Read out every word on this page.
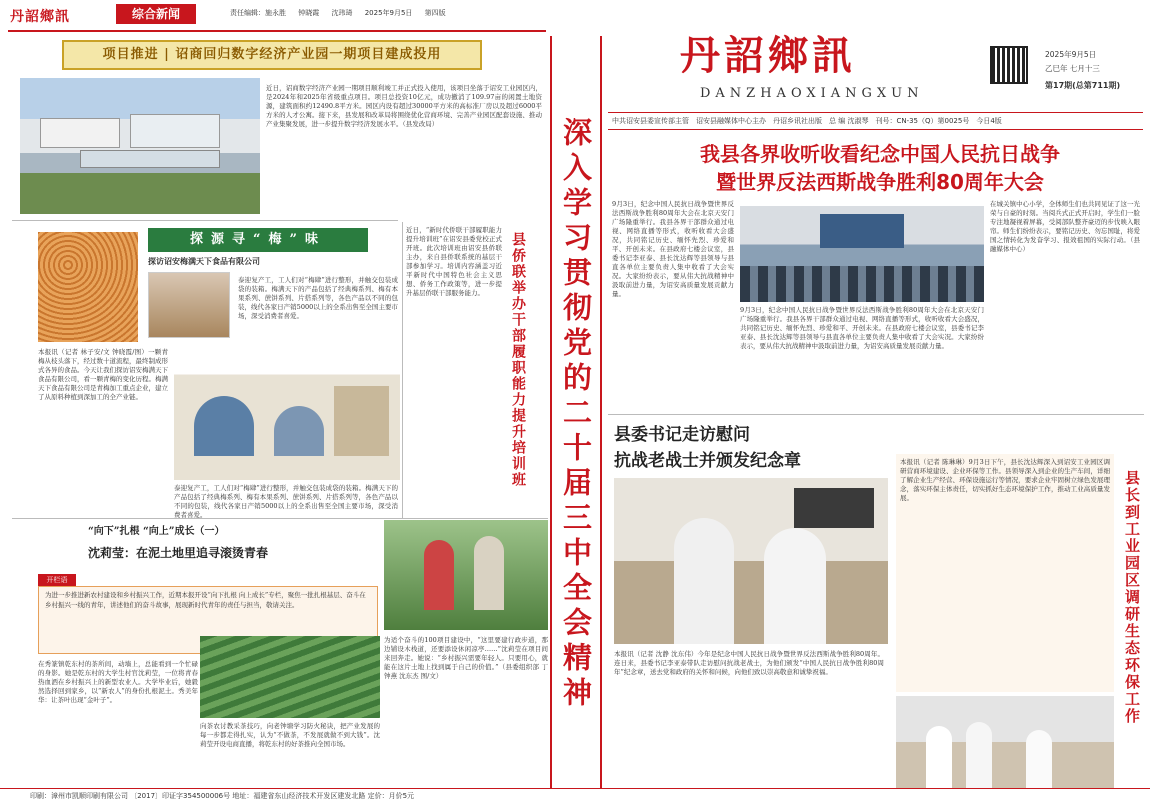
丹詔鄉訊	综合新闻	责任编辑：施永胜 钟晓霞 沈玮琦 2025年9月5日 第四版
项目推进 | 诏商回归数字经济产业园一期项目建成投用
近日，诏商数字经济产业园一期项目顺利竣工并正式投入使用，该项目坐落于诏安工业园区内，是2024年和2025年省级重点项目。项目总投资10亿元，成功撤消了109.97亩的闲置土地资源，建筑面积约12490.8平方米。园区内设有超过30000平方米的高标准厂房以及超过6000平方米的人才公寓。接下来，县发展和改革局将围绕优化营商环境、完善产业园区配套设施、推动产业集聚发展，进一步提升数字经济发展水平。（县发改局）
探源寻“梅”味
探访诏安梅满天下食品有限公司
泰迎复产工，工人们对“梅肆”进行整形，并触交包装成袋的装箱。梅满天下的产品包括了经典梅系列、梅有本果系列、蔗饼系列、片搭系列等，各色产品以不同的包装，线代各家日产销5000以上的全系出售至全国主要市场，深受消费者喜爱。
本报讯（记者 林子安/文 钟晓霞/图）一颗青梅从枝头落下，经过数十道流程，最终制成形式各异的食品。今天让我们探访诏安梅满天下食品有限公司，看一颗青梅的变化历程。梅满天下食品有限公司是青梅加工重点企业，建立了从原料种植到深加工的全产业链。
泰迎复产工，工人们对“梅肆”进行整形，并触交包装成袋的装箱。梅满天下的产品包括了经典梅系列、梅有本果系列、蔗饼系列、片搭系列等，各色产品以不同的包装，线代各家日产销5000以上的全系出售至全国主要市场，深受消费者喜爱。
近日，“新时代侨联干部履职能力提升培训班”在诏安县委党校正式开班。此次培训班由诏安县侨联主办，来自县侨联系统的基层干部参加学习。培训内容涵盖习近平新时代中国特色社会主义思想、侨务工作政策等，进一步提升基层侨联干部服务能力。	县侨联举办干部履职能力提升培训班
“向下”扎根 “向上”成长（一）
沈莉莹：在泥土地里追寻滚烫青春
开栏语
为进一步推进新农村建设和乡村振兴工作，近期本报开设“向下扎根 向上成长”专栏，聚焦一批扎根基层、奋斗在乡村振兴一线的青年，讲述他们的奋斗故事，展现新时代青年的责任与担当，敬请关注。
在秀篆镇乾东村的茶所间，动墙上，总能看到一个忙碌的身影。她是乾东村的大学生村官沈莉莹，一位将青春热血洒在乡村振兴上的新型农业人。大学毕业后，她毅然选择回到家乡，以“新农人”的身份扎根泥土。秀美年华：让茶叶出现“金叶子”。
向茶农讨教采茶技巧，向老钟塘学习防火秘诀，把产业发展的每一步都走得扎实，认为“不做茶，不发展就做不到大钱”。沈莉莹开设电商直播，将乾东村的好茶推向全国市场。
为适个奋斗的100项目建设中，“这里要建行政步道，那边铺设木栈道，还要添设休闲凉亭……”沈莉莹在项目间来回奔走。她说：“乡村振兴需要年轻人。只要用心，就能在这片土地上找到属于自己的价值。”（县委组织部 丁钟燕 沈东杰 图/文）	深入学习贯彻党的二十届三中全会精神
丹詔鄉訊
DANZHAOXIANGXUN
2025年9月5日
乙巳年 七月十三
第17期(总第711期)
中共诏安县委宣传部主管　诏安县融媒体中心主办　丹诏乡讯社出版　总 编 沈淑琴　刊号：CN-35（Q）第0025号　今日4版
我县各界收听收看纪念中国人民抗日战争
暨世界反法西斯战争胜利80周年大会
9月3日，纪念中国人民抗日战争暨世界反法西斯战争胜利80周年大会在北京天安门广场隆重举行。我县各界干部群众通过电视、网络直播等形式，收听收看大会盛况，共同铭记历史、缅怀先烈、珍爱和平、开创未来。在县政府七楼会议室，县委书记李亚泰、县长沈达辉等县领导与县直各单位主要负责人集中收看了大会实况。大家纷纷表示，要从伟大抗战精神中汲取前进力量，为诏安高质量发展贡献力量。
9月3日，纪念中国人民抗日战争暨世界反法西斯战争胜利80周年大会在北京天安门广场隆重举行。我县各界干部群众通过电视、网络直播等形式，收听收看大会盛况，共同铭记历史、缅怀先烈、珍爱和平、开创未来。在县政府七楼会议室，县委书记李亚泰、县长沈达辉等县领导与县直各单位主要负责人集中收看了大会实况。大家纷纷表示，要从伟大抗战精神中汲取前进力量，为诏安高质量发展贡献力量。
在城关镇中心小学，全体师生们也共同见证了这一光荣与自豪的时刻。当阅兵式正式开启时，学生们一脸专注地凝视着屏幕，受阅部队整齐豪迈的步伐映入眼帘。师生们纷纷表示，要铭记历史、勿忘国耻，将爱国之情转化为发奋学习、报效祖国的实际行动。（县融媒体中心）
县委书记走访慰问
抗战老战士并颁发纪念章
本报讯（记者 沈静 沈东伟）今年是纪念中国人民抗日战争暨世界反法西斯战争胜利80周年。连日来，县委书记李亚泰带队走访慰问抗战老战士，为他们颁发“中国人民抗日战争胜利80周年”纪念章，送去党和政府的关怀和问候，向他们致以崇高敬意和诚挚祝福。
本报讯（记者 陈琳琳）9月3日下午，县长沈达辉深入到诏安工业园区调研营商环境建设、企业环保等工作。县领导深入到企业的生产车间，详细了解企业生产经营、环保设施运行等情况，要求企业牢固树立绿色发展理念，落实环保主体责任，切实抓好生态环境保护工作，推动工业高质量发展。	县长到工业园区调研生态环保工作
印刷：漳州市凯顺印刷有限公司 〔2017〕印证字354500006号 地址：福建省东山经济技术开发区建发北路 定价：月价5元
